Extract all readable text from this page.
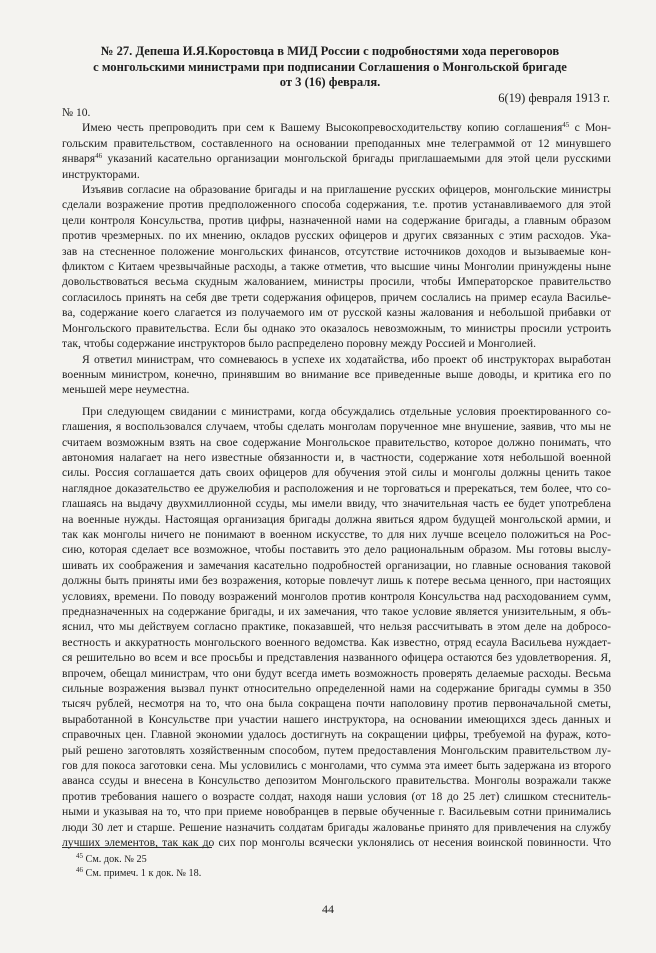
№ 27. Депеша И.Я.Коростовца в МИД России с подробностями хода переговоров
с монгольскими министрами при подписании Соглашения о Монгольской бригаде
от 3 (16) февраля.
6(19) февраля 1913 г.
№ 10.
Имею честь препроводить при сем к Вашему Высокопревосходительству копию соглашения$^{45}$ с Мон-
гольским правительством, составленного на основании преподанных мне телеграммой от 12 минувшего
января$^{46}$ указаний касательно организации монгольской бригады приглашаемыми для этой цели русскими
инструкторами.
Изъявив согласие на образование бригады и на приглашение русских офицеров, монгольские министры
сделали возражение против предположенного способа содержания, т.е. против устанавливаемого для этой
цели контроля Консульства, против цифры, назначенной нами на содержание бригады, а главным образом
против чрезмерных. по их мнению, окладов русских офицеров и других связанных с этим расходов. Ука-
зав на стесненное положение монгольских финансов, отсутствие источников доходов и вызываемые кон-
фликтом с Китаем чрезвычайные расходы, а также отметив, что высшие чины Монголии принуждены ныне
довольствоваться весьма скудным жалованием, министры просили, чтобы Императорское правительство
согласилось принять на себя две трети содержания офицеров, причем сослались на пример есаула Васильe-
ва, содержание коего слагается из получаемого им от русской казны жалования и небольшой прибавки от
Монгольского правительства. Если бы однако это оказалось невозможным, то министры просили устроить
так, чтобы содержание инструкторов было распределено поровну между Россией и Монголией.
Я ответил министрам, что сомневаюсь в успехе их ходатайства, ибо проект об инструкторах выработан
военным министром, конечно, принявшим во внимание все приведенные выше доводы, и критика его по
меньшей мере неуместна.
При следующем свидании с министрами, когда обсуждались отдельные условия проектированного со-
глашения, я воспользовался случаем, чтобы сделать монголам порученное мне внушение, заявив, что мы не
считаем возможным взять на свое содержание Монгольское правительство, которое должно понимать, что
автономия налагает на него известные обязанности и, в частности, содержание хотя небольшой военной
силы. Россия соглашается дать своих офицеров для обучения этой силы и монголы должны ценить такое
наглядное доказательство ее дружелюбия и расположения и не торговаться и пререкаться, тем более, что со-
глашаясь на выдачу двухмиллионной ссуды, мы имели ввиду, что значительная часть ее будет употреблена
на военные нужды. Настоящая организация бригады должна явиться ядром будущей монгольской армии, и
так как монголы ничего не понимают в военном искусстве, то для них лучше всецело положиться на Рос-
сию, которая сделает все возможное, чтобы поставить это дело рациональным образом. Мы готовы выслу-
шивать их соображения и замечания касательно подробностей организации, но главные основания таковой
должны быть приняты ими без возражения, которые повлечут лишь к потере весьма ценного, при настоящих
условиях, времени. По поводу возражений монголов против контроля Консульства над расходованием сумм,
предназначенных на содержание бригады, и их замечания, что такое условие является унизительным, я объ-
яснил, что мы действуем согласно практике, показавшей, что нельзя рассчитывать в этом деле на добросо-
вестность и аккуратность монгольского военного ведомства. Как известно, отряд есаула Васильева нуждает-
ся решительно во всем и все просьбы и представления названного офицера остаются без удовлетворения. Я,
впрочем, обещал министрам, что они будут всегда иметь возможность проверять делаемые расходы. Весьма
сильные возражения вызвал пункт относительно определенной нами на содержание бригады суммы в 350
тысяч рублей, несмотря на то, что она была сокращена почти наполовину против первоначальной сметы,
выработанной в Консульстве при участии нашего инструктора, на основании имеющихся здесь данных и
справочных цен. Главной экономии удалось достигнуть на сокращении цифры, требуемой на фураж, кото-
рый решено заготовлять хозяйственным способом, путем предоставления Монгольским правительством лу-
гов для покоса заготовки сена. Мы условились с монголами, что сумма эта имеет быть задержана из второго
аванса ссуды и внесена в Консульство депозитом Монгольского правительства. Монголы возражали также
против требования нашего о возрасте солдат, находя наши условия (от 18 до 25 лет) слишком стеснитель-
ными и указывая на то, что при приеме новобранцев в первые обученные г. Васильевым сотни принимались
люди 30 лет и старше. Решение назначить солдатам бригады жалованье принято для привлечения на службу
лучших элементов, так как до сих пор монголы всячески уклонялись от несения воинской повинности. Что
$^{45}$ См. док. № 25
$^{46}$ См. примеч. 1 к док. № 18.
44
